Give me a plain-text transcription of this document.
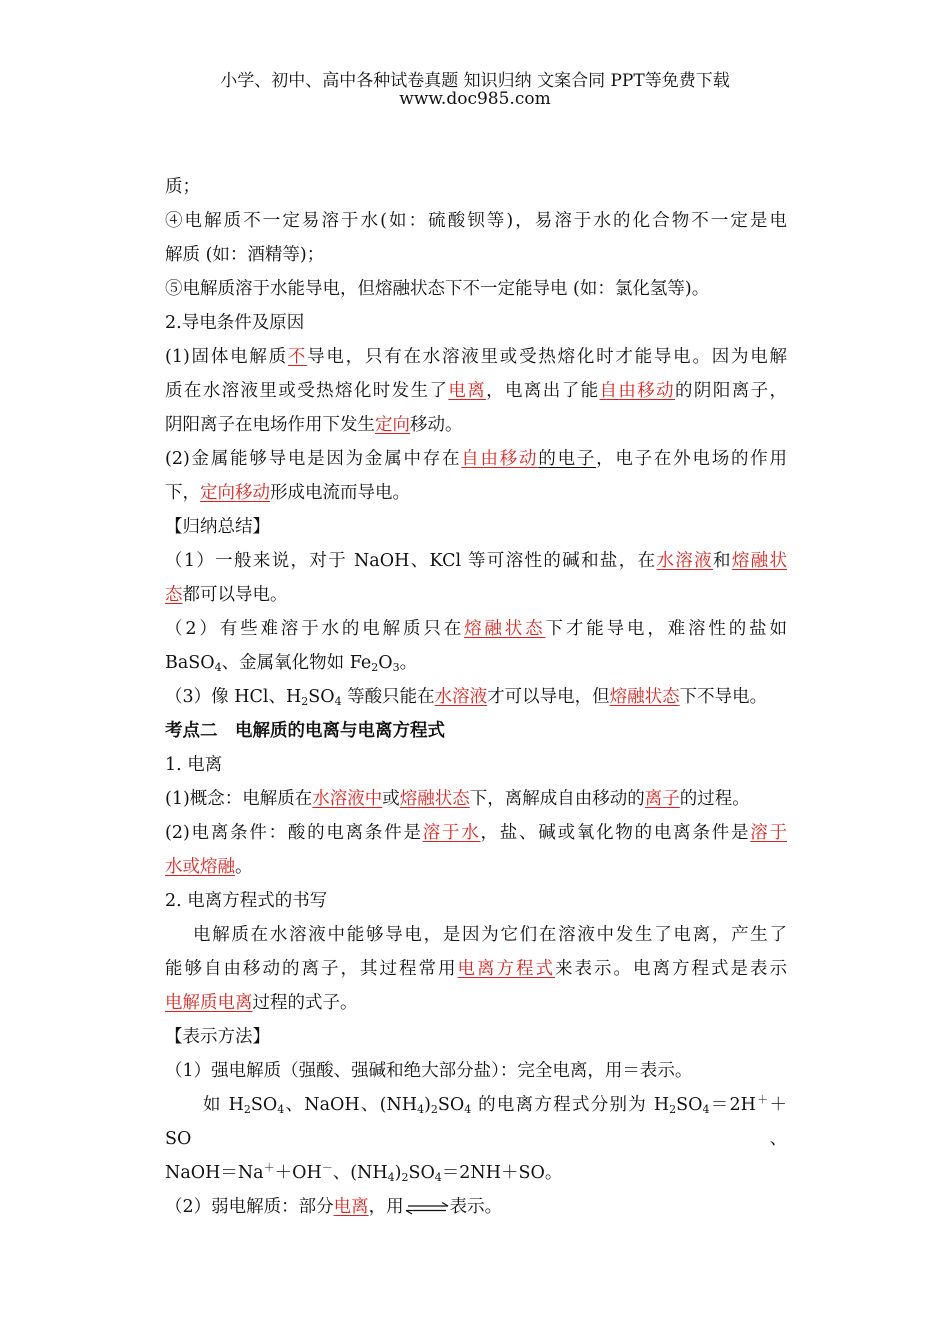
小学、初中、高中各种试卷真题 知识归纳 文案合同 PPT等免费下载
www.doc985.com

质；

④电解质不一定易溶于水(如：硫酸钡等)，易溶于水的化合物不一定是电

解质 (如：酒精等)；

⑤电解质溶于水能导电，但熔融状态下不一定能导电 (如：氯化氢等)。

2.导电条件及原因

(1)固体电解质不导电，只有在水溶液里或受热熔化时才能导电。因为电解

质在水溶液里或受热熔化时发生了电离，电离出了能自由移动的阴阳离子，

阴阳离子在电场作用下发生定向移动。

(2)金属能够导电是因为金属中存在自由移动的电子，电子在外电场的作用

下，定向移动形成电流而导电。

【归纳总结】

（1）一般来说，对于 NaOH、KCl 等可溶性的碱和盐，在水溶液和熔融状

态都可以导电。

（2）有些难溶于水的电解质只在熔融状态下才能导电，难溶性的盐如

BaSO$_4$、金属氧化物如 $Fe_2O_3$。

（3）像 HCl、$H_2SO_4$ 等酸只能在水溶液才可以导电，但熔融状态下不导电。

考点二　电解质的电离与电离方程式

1. 电离

(1)概念：电解质在水溶液中或熔融状态下，离解成自由移动的离子的过程。

(2)电离条件：酸的电离条件是溶于水，盐、碱或氧化物的电离条件是溶于

水或熔融。

2. 电离方程式的书写

电解质在水溶液中能够导电，是因为它们在溶液中发生了电离，产生了

能够自由移动的离子，其过程常用电离方程式来表示。电离方程式是表示

电解质电离过程的式子。

【表示方法】

（1）强电解质（强酸、强碱和绝大部分盐）：完全电离，用＝表示。

如 $H_2SO_4$、NaOH、$(NH_4)_2SO_4$ 的电离方程式分别为 $H_2SO_4=2H^++SO$、

NaOH＝Na＋＋OH－、$(NH_4)_2SO_4=2NH+SO$。

（2）弱电解质：部分电离，用⇌表示。
